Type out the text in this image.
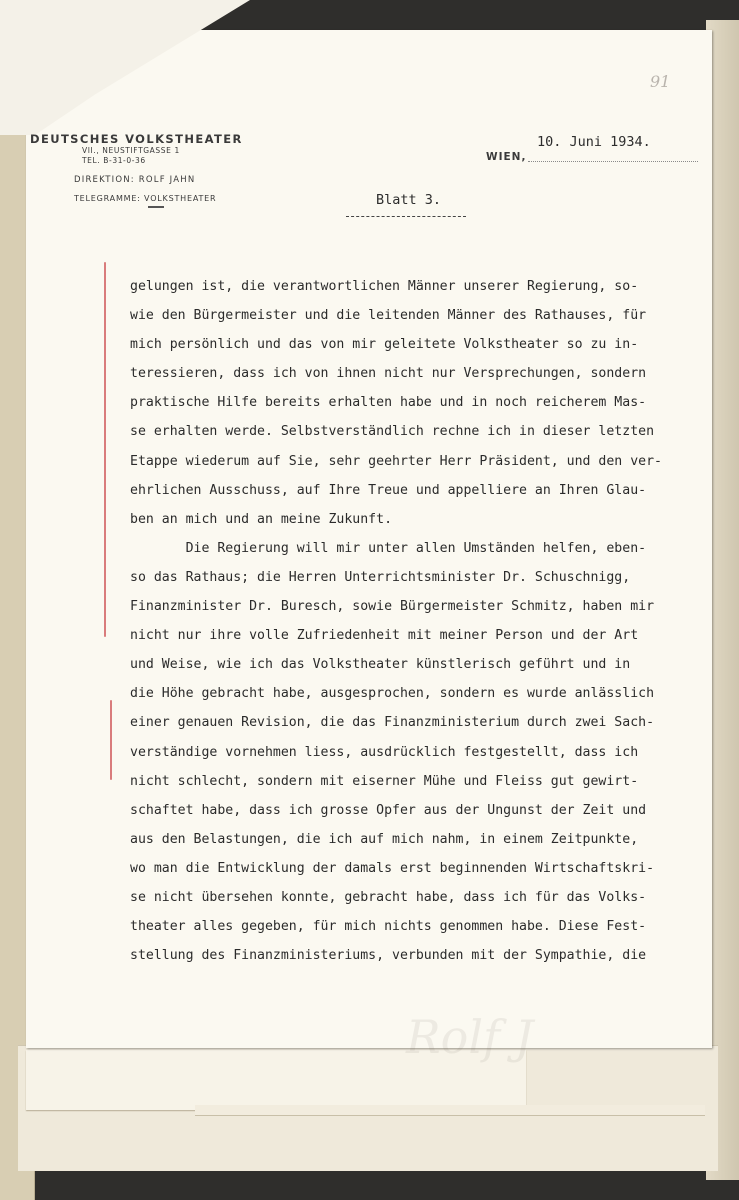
Rolf J
91
DEUTSCHES VOLKSTHEATER
VII., NEUSTIFTGASSE 1
TEL. B-31-0-36
DIREKTION: ROLF JAHN
TELEGRAMME: VOLKSTHEATER
10. Juni 1934.
WIEN,
Blatt 3.
gelungen ist, die verantwortlichen Männer unserer Regierung, so-
wie den Bürgermeister und die leitenden Männer des Rathauses, für
mich persönlich und das von mir geleitete Volkstheater so zu in-
teressieren, dass ich von ihnen nicht nur Versprechungen, sondern
praktische Hilfe bereits erhalten habe und in noch reicherem Mas-
se erhalten werde. Selbstverständlich rechne ich in dieser letzten
Etappe wiederum auf Sie, sehr geehrter Herr Präsident, und den ver-
ehrlichen Ausschuss, auf Ihre Treue und appelliere an Ihren Glau-
ben an mich und an meine Zukunft.
Die Regierung will mir unter allen Umständen helfen, eben-
so das Rathaus; die Herren Unterrichtsminister Dr. Schuschnigg,
Finanzminister Dr. Buresch, sowie Bürgermeister Schmitz, haben mir
nicht nur ihre volle Zufriedenheit mit meiner Person und der Art
und Weise, wie ich das Volkstheater künstlerisch geführt und in
die Höhe gebracht habe, ausgesprochen, sondern es wurde anlässlich
einer genauen Revision, die das Finanzministerium durch zwei Sach-
verständige vornehmen liess, ausdrücklich festgestellt, dass ich
nicht schlecht, sondern mit eiserner Mühe und Fleiss gut gewirt-
schaftet habe, dass ich grosse Opfer aus der Ungunst der Zeit und
aus den Belastungen, die ich auf mich nahm, in einem Zeitpunkte,
wo man die Entwicklung der damals erst beginnenden Wirtschaftskri-
se nicht übersehen konnte, gebracht habe, dass ich für das Volks-
theater alles gegeben, für mich nichts genommen habe. Diese Fest-
stellung des Finanzministeriums, verbunden mit der Sympathie, die
